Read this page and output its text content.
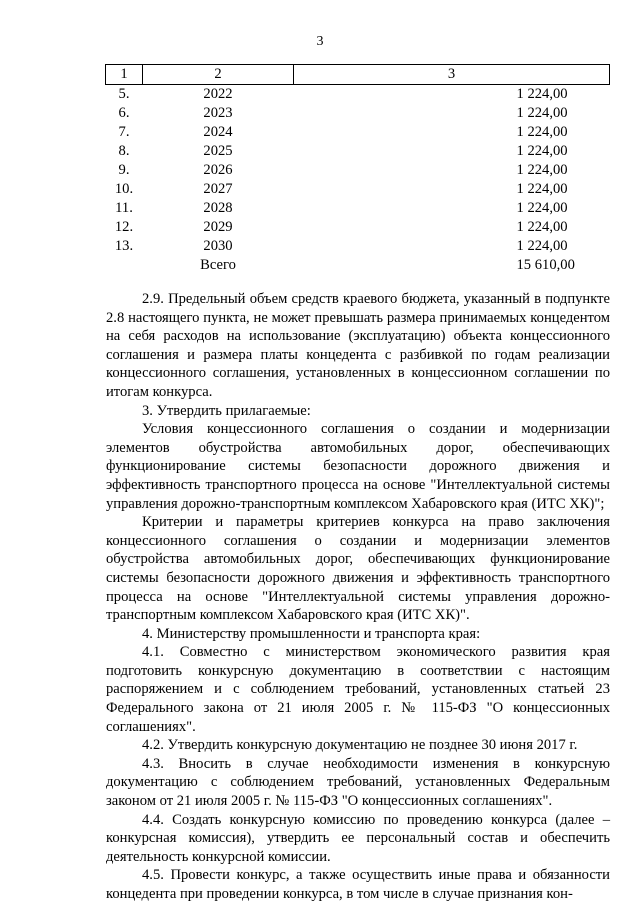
3
1	2	3
5.	2022	1 224,00
6.	2023	1 224,00
7.	2024	1 224,00
8.	2025	1 224,00
9.	2026	1 224,00
10.	2027	1 224,00
11.	2028	1 224,00
12.	2029	1 224,00
13.	2030	1 224,00
	Всего	15 610,00

2.9. Предельный объем средств краевого бюджета, указанный в подпункте 2.8 настоящего пункта, не может превышать размера принимаемых концедентом на себя расходов на использование (эксплуатацию) объекта концессионного соглашения и размера платы концедента с разбивкой по годам реализации концессионного соглашения, установленных в концессионном соглашении по итогам конкурса.

3. Утвердить прилагаемые:

Условия концессионного соглашения о создании и модернизации элементов обустройства автомобильных дорог, обеспечивающих функционирование системы безопасности дорожного движения и эффективность транспортного процесса на основе "Интеллектуальной системы управления дорожно-транспортным комплексом Хабаровского края (ИТС ХК)";

Критерии и параметры критериев конкурса на право заключения концессионного соглашения о создании и модернизации элементов обустройства автомобильных дорог, обеспечивающих функционирование системы безопасности дорожного движения и эффективность транспортного процесса на основе "Интеллектуальной системы управления дорожно-транспортным комплексом Хабаровского края (ИТС ХК)".

4. Министерству промышленности и транспорта края:

4.1. Совместно с министерством экономического развития края подготовить конкурсную документацию в соответствии с настоящим распоряжением и с соблюдением требований, установленных статьей 23 Федерального закона от 21 июля 2005 г. № 115-ФЗ "О концессионных соглашениях".

4.2. Утвердить конкурсную документацию не позднее 30 июня 2017 г.

4.3. Вносить в случае необходимости изменения в конкурсную документацию с соблюдением требований, установленных Федеральным законом от 21 июля 2005 г. № 115-ФЗ "О концессионных соглашениях".

4.4. Создать конкурсную комиссию по проведению конкурса (далее – конкурсная комиссия), утвердить ее персональный состав и обеспечить деятельность конкурсной комиссии.

4.5. Провести конкурс, а также осуществить иные права и обязанности концедента при проведении конкурса, в том числе в случае признания кон-
